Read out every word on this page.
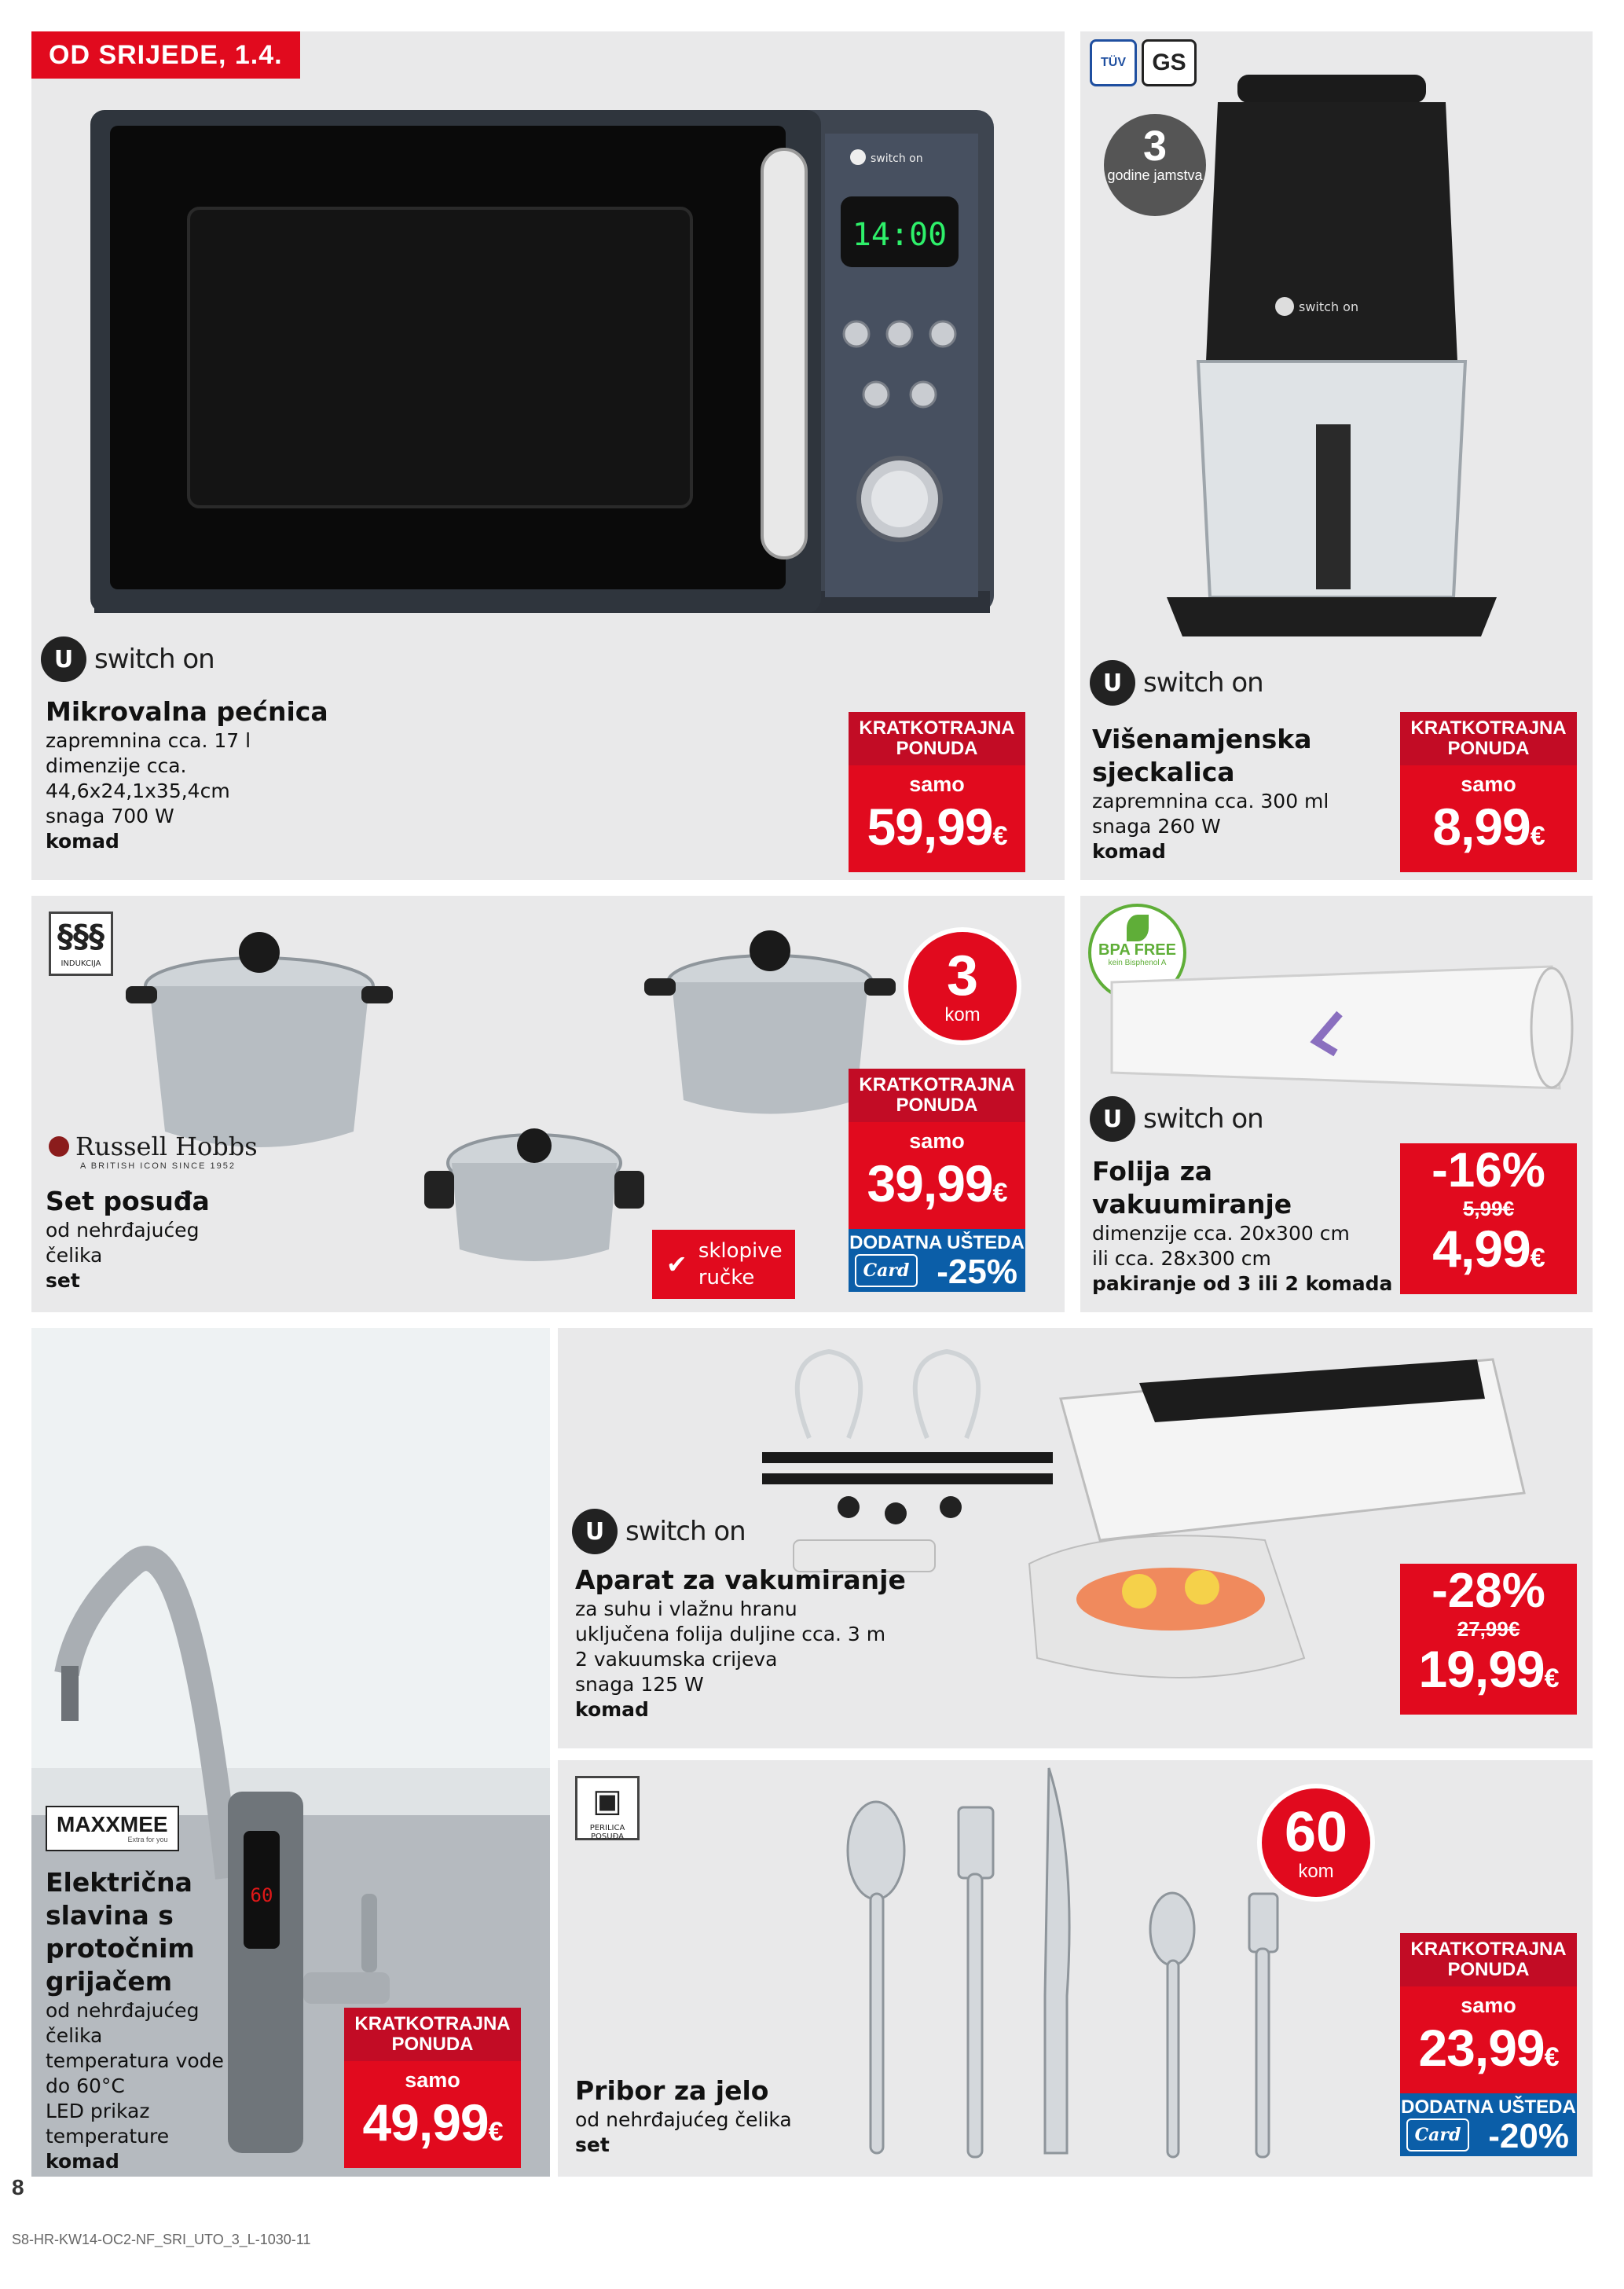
switch on
14:00
U switch on
Mikrovalna pećnica
zapremnina cca. 17 l
dimenzije cca.
44,6x24,1x35,4cm
snaga 700 W
komad
KRATKOTRAJNA PONUDA
samo
59,99€
OD SRIJEDE, 1.4.	TÜV	GS
3
godine jamstva
switch on
U switch on
Višenamjenska sjeckalica
zapremnina cca. 300 ml
snaga 260 W
komad
KRATKOTRAJNA PONUDA
samo
8,99€
§§§
INDUKCIJA	3
kom
Russell Hobbs
A BRITISH ICON SINCE 1952
Set posuđa
od nehrđajućeg
čelika
set
✔ sklopive ručke
KRATKOTRAJNA PONUDA
samo
39,99€
DODATNA UŠTEDA
Card -25%
BPA FREE
kein Bisphenol A
U switch on
Folija za vakuumiranje
dimenzije cca. 20x300 cm
ili cca. 28x300 cm
pakiranje od 3 ili 2 komada
-16%
5,99€
4,99€
60
MAXXMEE
Extra for you
Električna slavina s protočnim grijačem
od nehrđajućeg
čelika
temperatura vode
do 60°C
LED prikaz
temperature
komad
KRATKOTRAJNA PONUDA
samo
49,99€
U switch on
Aparat za vakumiranje
za suhu i vlažnu hranu
uključena folija duljine cca. 3 m
2 vakuumska crijeva
snaga 125 W
komad
-28%
27,99€
19,99€
▣
PERILICA POSUĐA	60
kom
Pribor za jelo
od nehrđajućeg čelika
set
KRATKOTRAJNA PONUDA
samo
23,99€
DODATNA UŠTEDA
Card -20%
8
S8-HR-KW14-OC2-NF_SRI_UTO_3_L-1030-11
